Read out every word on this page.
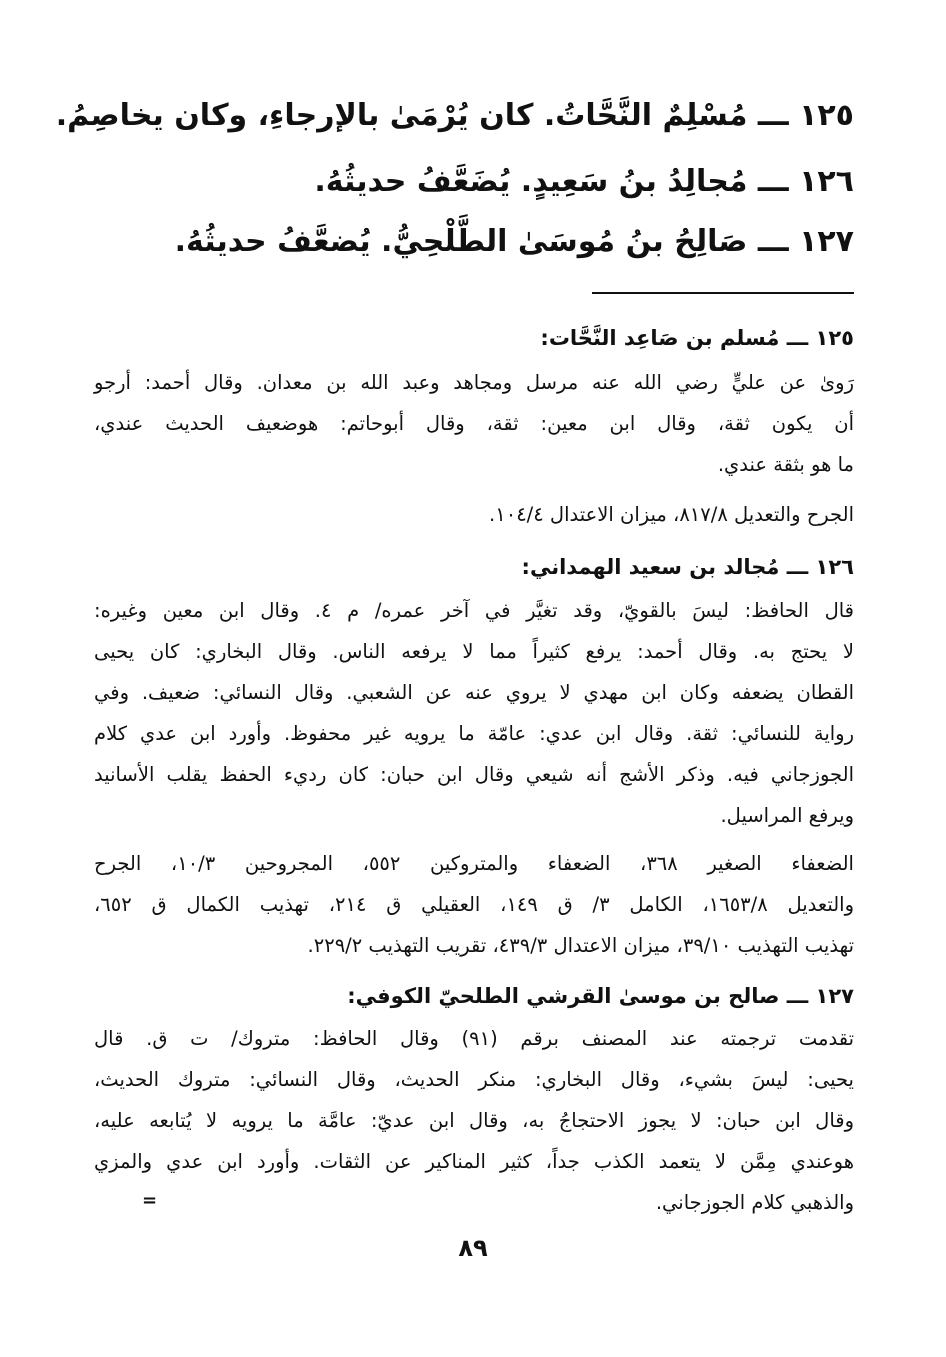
١٢٥ ـــ مُسْلِمٌ النَّحَّاتُ. كان يُرْمَىٰ بالإرجاءِ، وكان يخاصِمُ.
١٢٦ ـــ مُجالِدُ بنُ سَعِيدٍ. يُضَعَّفُ حديثُهُ.
١٢٧ ـــ صَالِحُ بنُ مُوسَىٰ الطَّلْحِيُّ. يُضعَّفُ حديثُهُ.
١٢٥ ـــ مُسلم بن صَاعِد النَّحَّات:
رَوىٰ عن عليٍّ رضي الله عنه مرسل ومجاهد وعبد الله بن معدان. وقال أحمد: أرجو
أن يكون ثقة، وقال ابن معين: ثقة، وقال أبوحاتم: هوضعيف الحديث عندي،
ما هو بثقة عندي.
الجرح والتعديل ٨١٧/٨، ميزان الاعتدال ١٠٤/٤.
١٢٦ ـــ مُجالد بن سعيد الهمداني:
قال الحافظ: ليسَ بالقويّ، وقد تغيَّر في آخر عمره/ م ٤. وقال ابن معين وغيره:
لا يحتج به. وقال أحمد: يرفع كثيراً مما لا يرفعه الناس. وقال البخاري: كان يحيى
القطان يضعفه وكان ابن مهدي لا يروي عنه عن الشعبي. وقال النسائي: ضعيف. وفي
رواية للنسائي: ثقة. وقال ابن عدي: عامّة ما يرويه غير محفوظ. وأورد ابن عدي كلام
الجوزجاني فيه. وذكر الأشج أنه شيعي وقال ابن حبان: كان رديء الحفظ يقلب الأسانيد
ويرفع المراسيل.
الضعفاء الصغير ٣٦٨، الضعفاء والمتروكين ٥٥٢، المجروحين ١٠/٣، الجرح
والتعديل ١٦٥٣/٨، الكامل ٣/ ق ١٤٩، العقيلي ق ٢١٤، تهذيب الكمال ق ٦٥٢،
تهذيب التهذيب ٣٩/١٠، ميزان الاعتدال ٤٣٩/٣، تقريب التهذيب ٢٢٩/٢.
١٢٧ ـــ صالح بن موسىٰ القرشي الطلحيّ الكوفي:
تقدمت ترجمته عند المصنف برقم (٩١) وقال الحافظ: متروك/ ت ق. قال
يحيى: ليسَ بشيء، وقال البخاري: منكر الحديث، وقال النسائي: متروك الحديث،
وقال ابن حبان: لا يجوز الاحتجاجُ به، وقال ابن عديّ: عامَّة ما يرويه لا يُتابعه عليه،
هوعندي مِمَّن لا يتعمد الكذب جداً، كثير المناكير عن الثقات. وأورد ابن عدي والمزي
والذهبي كلام الجوزجاني.
=
٨٩
